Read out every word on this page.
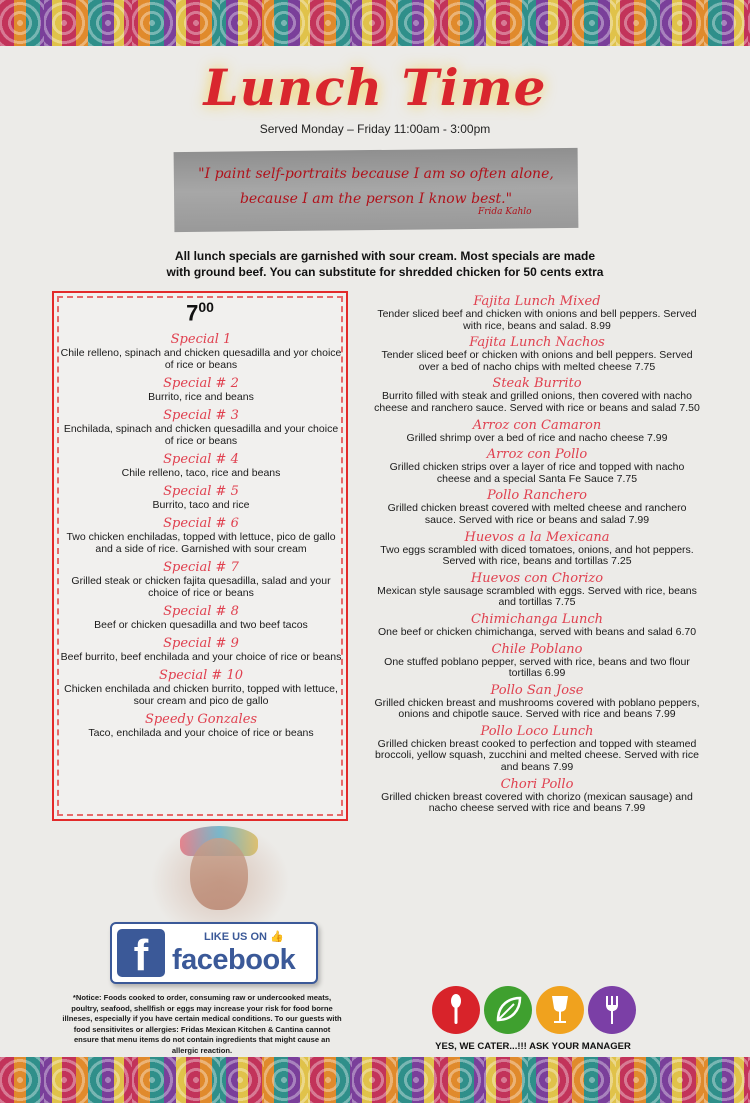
Lunch Time
Served Monday – Friday 11:00am - 3:00pm
"I paint self-portraits because I am so often alone,
because I am the person I know best."
Frida Kahlo
All lunch specials are garnished with sour cream. Most specials are made
with ground beef. You can substitute for shredded chicken for 50 cents extra
$7^{00}$
Special 1
Chile relleno, spinach and chicken quesadilla and yor choice of rice or beans
Special # 2
Burrito, rice and beans
Special # 3
Enchilada, spinach and chicken quesadilla and your choice of rice or beans
Special # 4
Chile relleno, taco, rice and beans
Special # 5
Burrito, taco and rice
Special # 6
Two chicken enchiladas, topped with lettuce, pico de gallo and a side of rice. Garnished with sour cream
Special # 7
Grilled steak or chicken fajita quesadilla, salad and your choice of rice or beans
Special # 8
Beef or chicken quesadilla and two beef tacos
Special # 9
Beef burrito, beef enchilada and your choice of rice or beans
Special # 10
Chicken enchilada and chicken burrito, topped with lettuce, sour cream and pico de gallo
Speedy Gonzales
Taco, enchilada and your choice of rice or beans
Fajita Lunch Mixed
Tender sliced beef and chicken with onions and bell peppers. Served with rice, beans and salad. 8.99
Fajita Lunch Nachos
Tender sliced beef or chicken with onions and bell peppers. Served over a bed of nacho chips with melted cheese 7.75
Steak Burrito
Burrito filled with steak and grilled onions, then covered with nacho cheese and ranchero sauce. Served with rice or beans and salad 7.50
Arroz con Camaron
Grilled shrimp over a bed of rice and nacho cheese 7.99
Arroz con Pollo
Grilled chicken strips over a layer of rice and topped with nacho cheese and a special Santa Fe Sauce 7.75
Pollo Ranchero
Grilled chicken breast covered with melted cheese and ranchero sauce. Served with rice or beans and salad 7.99
Huevos a la Mexicana
Two eggs scrambled with diced tomatoes, onions, and hot peppers. Served with rice, beans and tortillas 7.25
Huevos con Chorizo
Mexican style sausage scrambled with eggs. Served with rice, beans and tortillas 7.75
Chimichanga Lunch
One beef or chicken chimichanga, served with beans and salad 6.70
Chile Poblano
One stuffed poblano pepper, served with rice, beans and two flour tortillas 6.99
Pollo San Jose
Grilled chicken breast and mushrooms covered with poblano peppers, onions and chipotle sauce. Served with rice and beans 7.99
Pollo Loco Lunch
Grilled chicken breast cooked to perfection and topped with steamed broccoli, yellow squash, zucchini and melted cheese. Served with rice and beans 7.99
Chori Pollo
Grilled chicken breast covered with chorizo (mexican sausage) and nacho cheese served with rice and beans 7.99
f	LIKE US ON 👍
facebook
*Notice: Foods cooked to order, consuming raw or undercooked meats, poultry, seafood, shellfish or eggs may increase your risk for food borne illneses, especially if you have certain medical conditions. To our guests with food sensitivites or allergies: Fridas Mexican Kitchen & Cantina cannot ensure that menu items do not contain ingredients that might cause an allergic reaction.	YES, WE CATER...!!! ASK YOUR MANAGER
